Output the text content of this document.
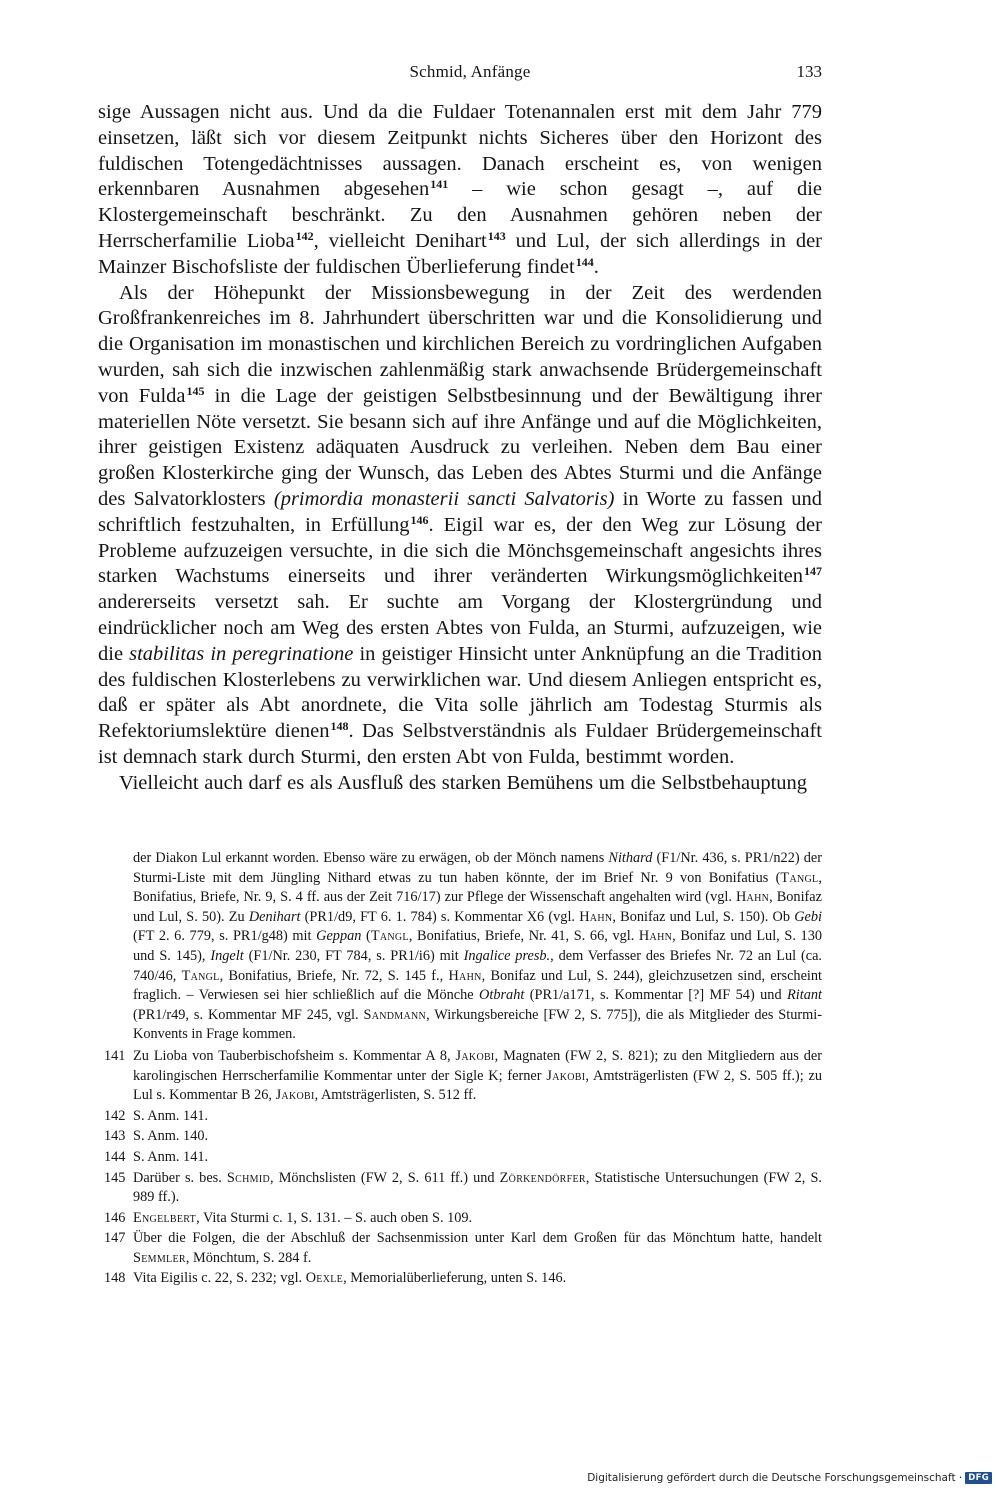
Schmid, Anfänge	133

sige Aussagen nicht aus. Und da die Fuldaer Totenannalen erst mit dem Jahr 779 einsetzen, läßt sich vor diesem Zeitpunkt nichts Sicheres über den Horizont des fuldischen Totengedächtnisses aussagen. Danach erscheint es, von wenigen erkennbaren Ausnahmen abgesehen$^{141}$ – wie schon gesagt –, auf die Klostergemeinschaft beschränkt. Zu den Ausnahmen gehören neben der Herrscherfamilie Lioba$^{142}$, vielleicht Denihart$^{143}$ und Lul, der sich allerdings in der Mainzer Bischofsliste der fuldischen Überlieferung findet$^{144}$.

Als der Höhepunkt der Missionsbewegung in der Zeit des werdenden Großfrankenreiches im 8. Jahrhundert überschritten war und die Konsolidierung und die Organisation im monastischen und kirchlichen Bereich zu vordringlichen Aufgaben wurden, sah sich die inzwischen zahlenmäßig stark anwachsende Brüdergemeinschaft von Fulda$^{145}$ in die Lage der geistigen Selbstbesinnung und der Bewältigung ihrer materiellen Nöte versetzt. Sie besann sich auf ihre Anfänge und auf die Möglichkeiten, ihrer geistigen Existenz adäquaten Ausdruck zu verleihen. Neben dem Bau einer großen Klosterkirche ging der Wunsch, das Leben des Abtes Sturmi und die Anfänge des Salvatorklosters (primordia monasterii sancti Salvatoris) in Worte zu fassen und schriftlich festzuhalten, in Erfüllung$^{146}$. Eigil war es, der den Weg zur Lösung der Probleme aufzuzeigen versuchte, in die sich die Mönchsgemeinschaft angesichts ihres starken Wachstums einerseits und ihrer veränderten Wirkungsmöglichkeiten$^{147}$ andererseits versetzt sah. Er suchte am Vorgang der Klostergründung und eindrücklicher noch am Weg des ersten Abtes von Fulda, an Sturmi, aufzuzeigen, wie die stabilitas in peregrinatione in geistiger Hinsicht unter Anknüpfung an die Tradition des fuldischen Klosterlebens zu verwirklichen war. Und diesem Anliegen entspricht es, daß er später als Abt anordnete, die Vita solle jährlich am Todestag Sturmis als Refektoriumslektüre dienen$^{148}$. Das Selbstverständnis als Fuldaer Brüdergemeinschaft ist demnach stark durch Sturmi, den ersten Abt von Fulda, bestimmt worden.

Vielleicht auch darf es als Ausfluß des starken Bemühens um die Selbstbehauptung

der Diakon Lul erkannt worden. Ebenso wäre zu erwägen, ob der Mönch namens Nithard (F1/Nr. 436, s. PR1/n22) der Sturmi-Liste mit dem Jüngling Nithard etwas zu tun haben könnte, der im Brief Nr. 9 von Bonifatius (Tangl, Bonifatius, Briefe, Nr. 9, S. 4 ff. aus der Zeit 716/17) zur Pflege der Wissenschaft angehalten wird (vgl. Hahn, Bonifaz und Lul, S. 50). Zu Denihart (PR1/d9, FT 6. 1. 784) s. Kommentar X6 (vgl. Hahn, Bonifaz und Lul, S. 150). Ob Gebi (FT 2. 6. 779, s. PR1/g48) mit Geppan (Tangl, Bonifatius, Briefe, Nr. 41, S. 66, vgl. Hahn, Bonifaz und Lul, S. 130 und S. 145), Ingelt (F1/Nr. 230, FT 784, s. PR1/i6) mit Ingalice presb., dem Verfasser des Briefes Nr. 72 an Lul (ca. 740/46, Tangl, Bonifatius, Briefe, Nr. 72, S. 145 f., Hahn, Bonifaz und Lul, S. 244), gleichzusetzen sind, erscheint fraglich. – Verwiesen sei hier schließlich auf die Mönche Otbraht (PR1/a171, s. Kommentar [?] MF 54) und Ritant (PR1/r49, s. Kommentar MF 245, vgl. Sandmann, Wirkungsbereiche [FW 2, S. 775]), die als Mitglieder des Sturmi-Konvents in Frage kommen.

141 Zu Lioba von Tauberbischofsheim s. Kommentar A 8, Jakobi, Magnaten (FW 2, S. 821); zu den Mitgliedern aus der karolingischen Herrscherfamilie Kommentar unter der Sigle K; ferner Jakobi, Amtsträgerlisten (FW 2, S. 505 ff.); zu Lul s. Kommentar B 26, Jakobi, Amtsträgerlisten, S. 512 ff.

142 S. Anm. 141.

143 S. Anm. 140.

144 S. Anm. 141.

145 Darüber s. bes. Schmid, Mönchslisten (FW 2, S. 611 ff.) und Zörkendörfer, Statistische Untersuchungen (FW 2, S. 989 ff.).

146 Engelbert, Vita Sturmi c. 1, S. 131. – S. auch oben S. 109.

147 Über die Folgen, die der Abschluß der Sachsenmission unter Karl dem Großen für das Mönchtum hatte, handelt Semmler, Mönchtum, S. 284 f.

148 Vita Eigilis c. 22, S. 232; vgl. Oexle, Memorialüberlieferung, unten S. 146.

Digitalisierung gefördert durch die Deutsche Forschungsgemeinschaft · DFG
